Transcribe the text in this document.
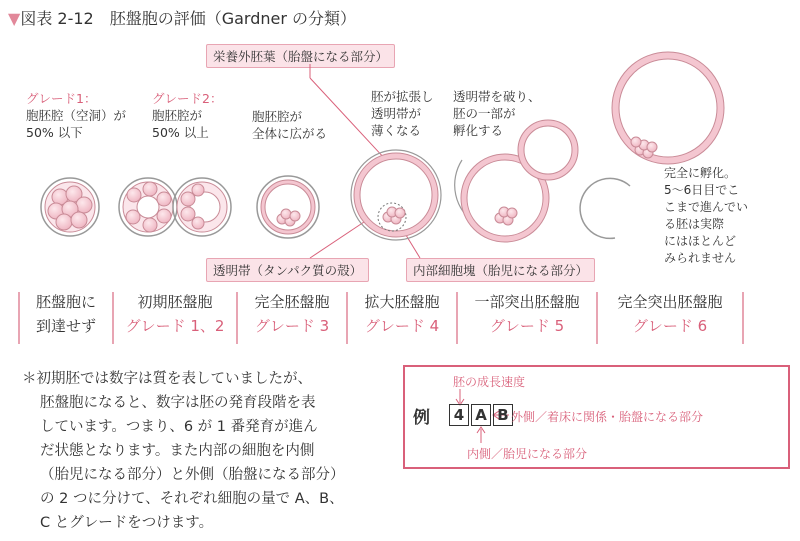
▼図表 2-12　胚盤胞の評価（Gardner の分類）
グレード1：
胞胚腔（空洞）が
50% 以下
グレード2：
胞胚腔が
50% 以上
胞胚腔が
全体に広がる
胚が拡張し
透明帯が
薄くなる
透明帯を破り、
胚の一部が
孵化する
完全に孵化。
5〜6日目でこ
こまで進んでい
る胚は実際
にはほとんど
みられません
栄養外胚葉（胎盤になる部分）
透明帯（タンパク質の殻）	内部細胞塊（胎児になる部分）
胚盤胞に
到達せず
初期胚盤胞
グレード 1、2
完全胚盤胞
グレード 3
拡大胚盤胞
グレード 4
一部突出胚盤胞
グレード 5
完全突出胚盤胞
グレード 6
＊初期胚では数字は質を表していましたが、
胚盤胞になると、数字は胚の発育段階を表
しています。つまり、6 が 1 番発育が進ん
だ状態となります。また内部の細胞を内側
（胎児になる部分）と外側（胎盤になる部分）
の 2 つに分けて、それぞれ細胞の量で A、B、
C とグレードをつけます。
胚の成長速度
例	4 A B 外側／着床に関係・胎盤になる部分
内側／胎児になる部分
